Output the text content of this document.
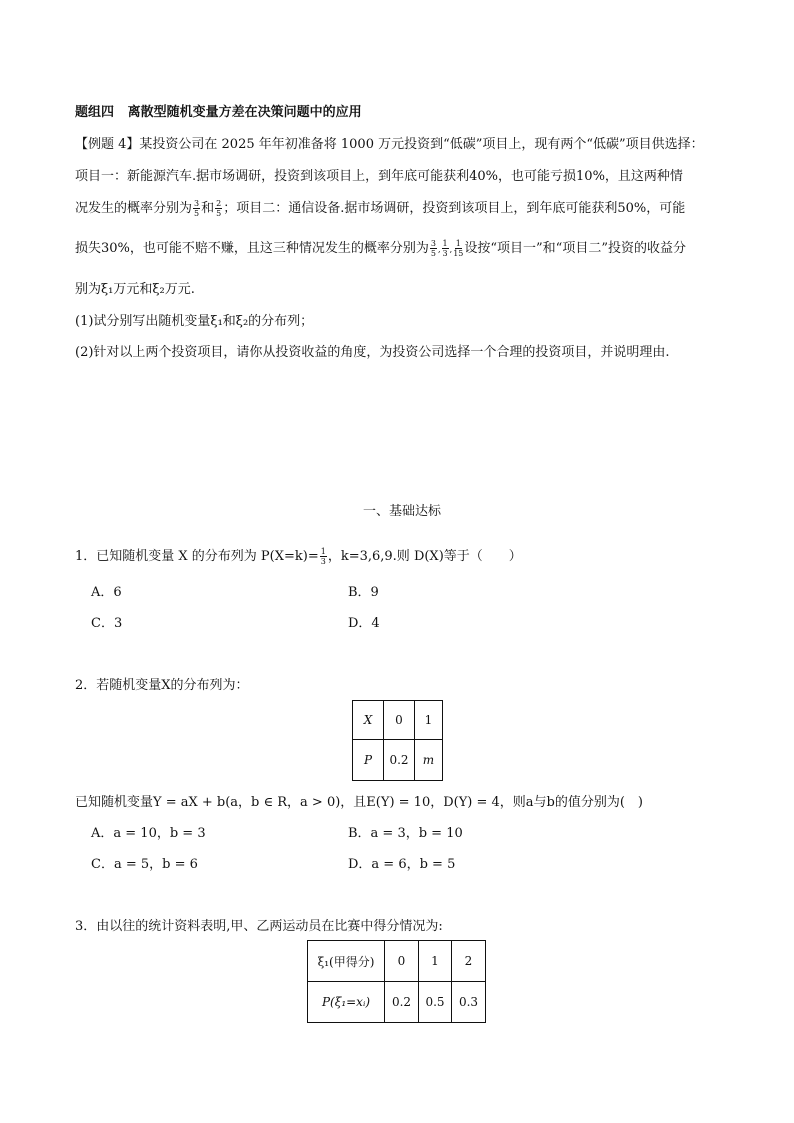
题组四 离散型随机变量方差在决策问题中的应用
【例题 4】某投资公司在 2025 年年初准备将 1000 万元投资到“低碳”项目上，现有两个“低碳”项目供选择：
项目一：新能源汽车.据市场调研，投资到该项目上，到年底可能获利40%，也可能亏损10%，且这两种情
况发生的概率分别为 $\frac{3}{5}$ 和 $\frac{2}{5}$ ；项目二：通信设备.据市场调研，投资到该项目上，到年底可能获利50%，可能
损失30%，也可能不赔不赚，且这三种情况发生的概率分别为 $\frac{3}{5}$ , $\frac{1}{3}$ , $\frac{1}{15}$ 设按“项目一”和“项目二”投资的收益分
别为ξ₁万元和ξ₂万元.
(1)试分别写出随机变量ξ₁和ξ₂的分布列；
(2)针对以上两个投资项目，请你从投资收益的角度，为投资公司选择一个合理的投资项目，并说明理由.
一、基础达标
1．已知随机变量 X 的分布列为 $P(X=k)= \frac{1}{3}$ ，k=3,6,9.则 D(X)等于（　　）
A．6	B．9
C．3	D．4
2．若随机变量X的分布列为：
X	0	1
P	0.2	m
已知随机变量Y = aX + b(a，b ∈ R，a > 0)，且E(Y) = 10，D(Y) = 4，则a与b的值分别为(　)
A．a = 10，b = 3	B．a = 3，b = 10
C．a = 5，b = 6	D．a = 6，b = 5
3．由以往的统计资料表明,甲、乙两运动员在比赛中得分情况为:
ξ₁(甲得分)	0	1	2
P(ξ₁=xᵢ)	0.2	0.5	0.3
